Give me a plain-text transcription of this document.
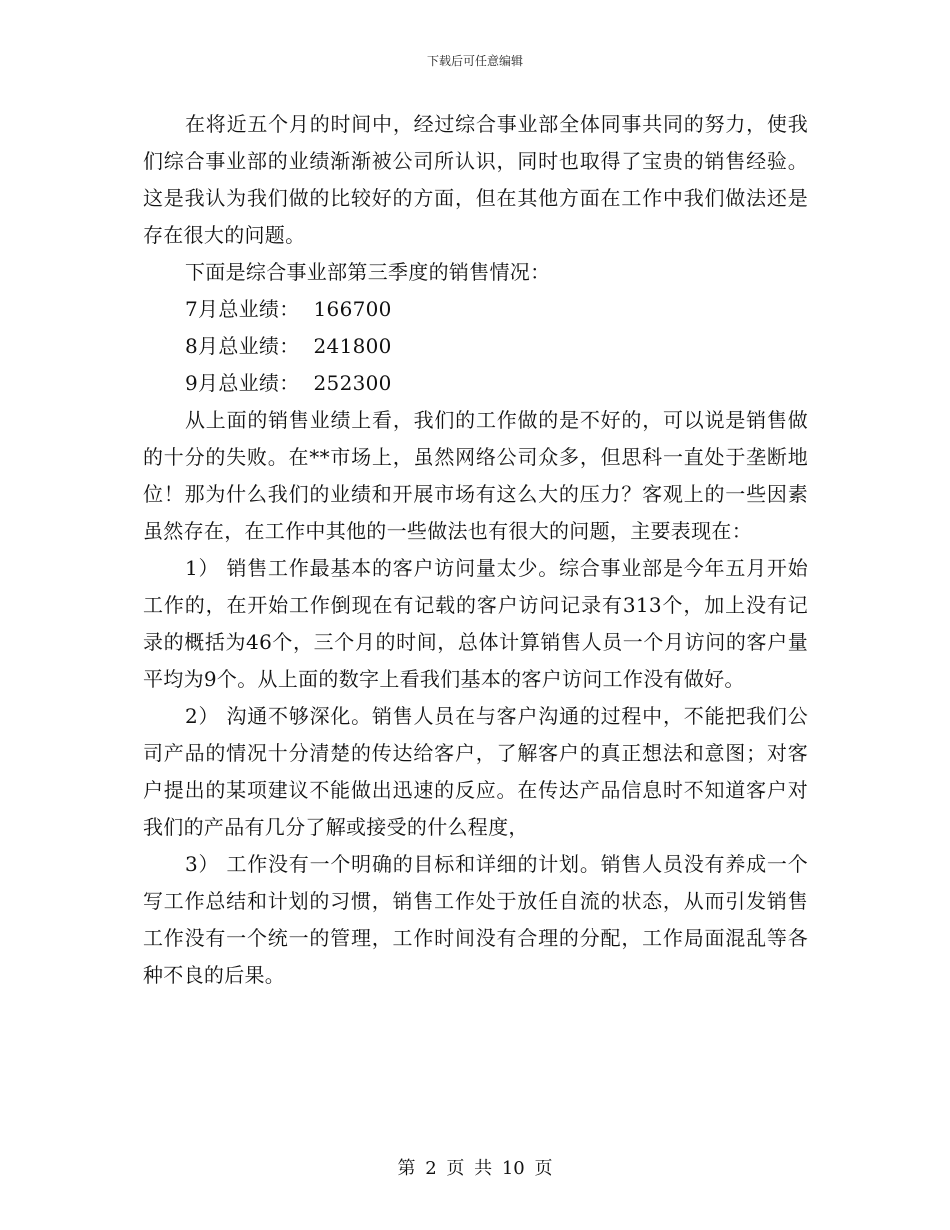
下载后可任意编辑

在将近五个月的时间中，经过综合事业部全体同事共同的努力，使我们综合事业部的业绩渐渐被公司所认识，同时也取得了宝贵的销售经验。这是我认为我们做的比较好的方面，但在其他方面在工作中我们做法还是存在很大的问题。

下面是综合事业部第三季度的销售情况：

7月总业绩： 166700

8月总业绩： 241800

9月总业绩： 252300

从上面的销售业绩上看，我们的工作做的是不好的，可以说是销售做的十分的失败。在**市场上，虽然网络公司众多，但思科一直处于垄断地位！那为什么我们的业绩和开展市场有这么大的压力？客观上的一些因素虽然存在，在工作中其他的一些做法也有很大的问题，主要表现在：

1） 销售工作最基本的客户访问量太少。综合事业部是今年五月开始工作的，在开始工作倒现在有记载的客户访问记录有313个，加上没有记录的概括为46个，三个月的时间，总体计算销售人员一个月访问的客户量平均为9个。从上面的数字上看我们基本的客户访问工作没有做好。

2） 沟通不够深化。销售人员在与客户沟通的过程中，不能把我们公司产品的情况十分清楚的传达给客户，了解客户的真正想法和意图；对客户提出的某项建议不能做出迅速的反应。在传达产品信息时不知道客户对我们的产品有几分了解或接受的什么程度，

3） 工作没有一个明确的目标和详细的计划。销售人员没有养成一个写工作总结和计划的习惯，销售工作处于放任自流的状态，从而引发销售工作没有一个统一的管理，工作时间没有合理的分配，工作局面混乱等各种不良的后果。

第 2 页 共 10 页
